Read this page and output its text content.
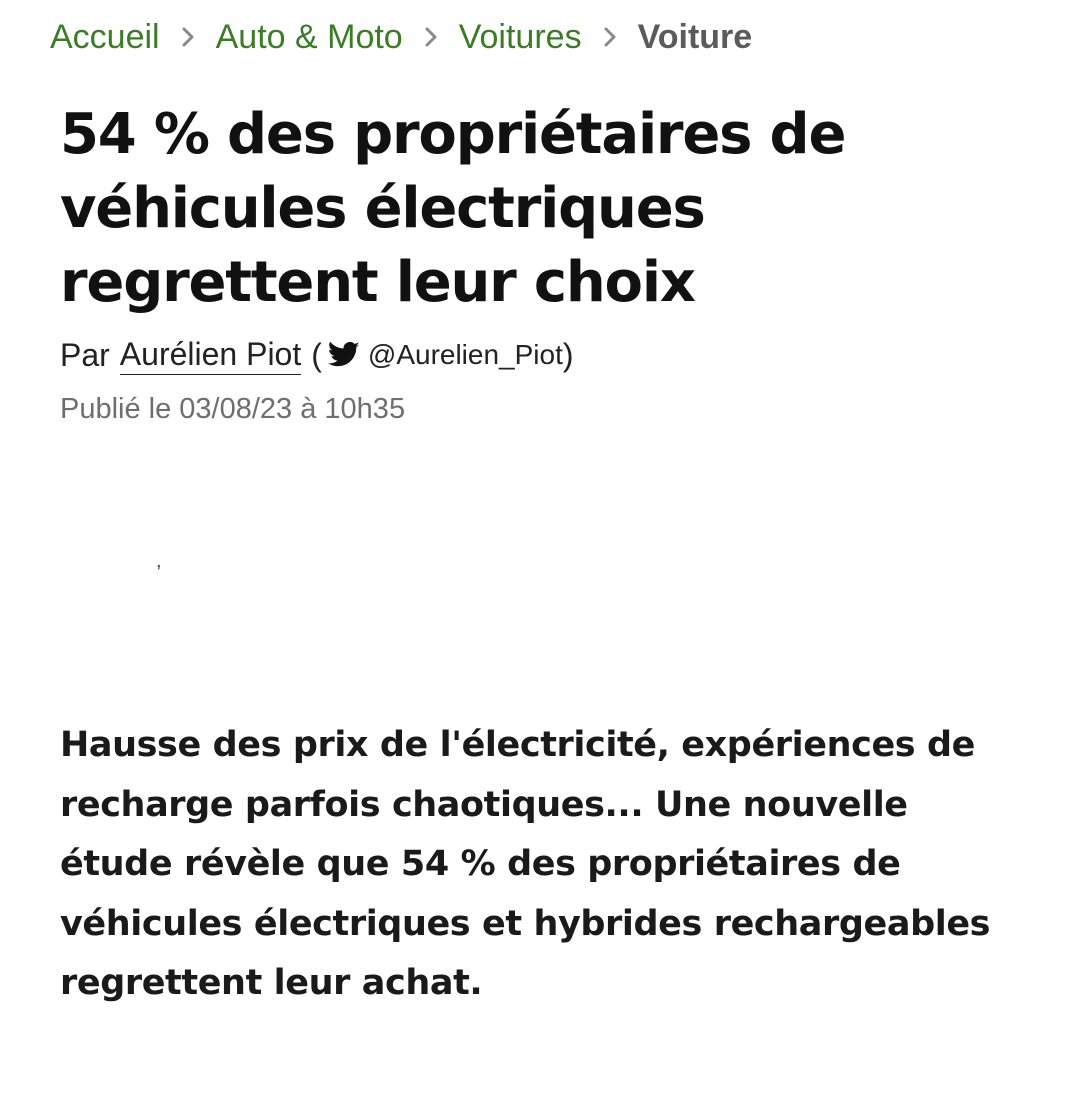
Accueil Auto & Moto Voitures Voiture
54 % des propriétaires de véhicules électriques regrettent leur choix
Par Aurélien Piot ( @Aurelien_Piot )
Publié le 03/08/23 à 10h35
,

Hausse des prix de l'électricité, expériences de recharge parfois chaotiques... Une nouvelle étude révèle que 54 % des propriétaires de véhicules électriques et hybrides rechargeables regrettent leur achat.
